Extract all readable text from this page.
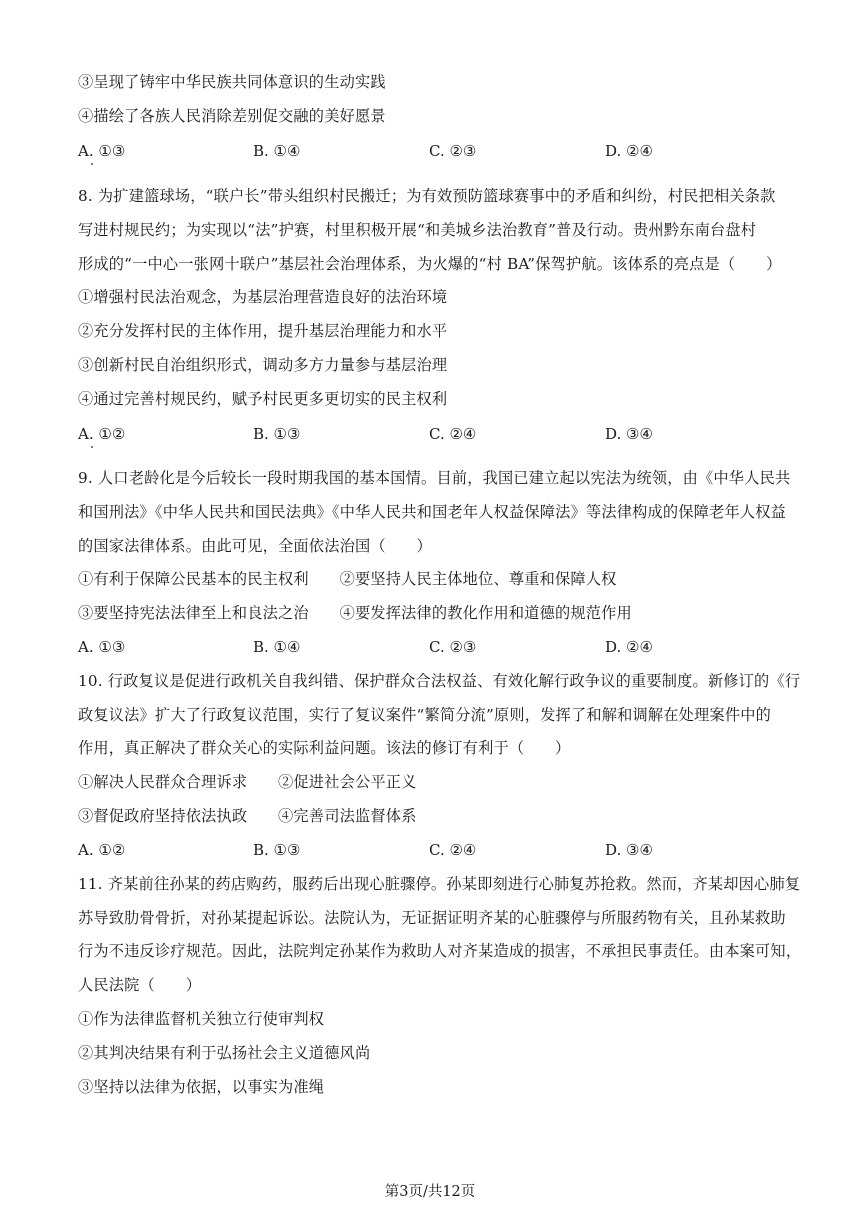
③呈现了铸牢中华民族共同体意识的生动实践
④描绘了各族人民消除差别促交融的美好愿景
A. ①③	B. ①④	C. ②③	D. ②④
8. 为扩建篮球场，“联户长”带头组织村民搬迁；为有效预防篮球赛事中的矛盾和纠纷，村民把相关条款
写进村规民约；为实现以“法”护赛，村里积极开展“和美城乡法治教育”普及行动。贵州黔东南台盘村
形成的“一中心一张网十联户”基层社会治理体系，为火爆的“村 BA”保驾护航。该体系的亮点是（　　）
①增强村民法治观念，为基层治理营造良好的法治环境
②充分发挥村民的主体作用，提升基层治理能力和水平
③创新村民自治组织形式，调动多方力量参与基层治理
④通过完善村规民约，赋予村民更多更切实的民主权利
A. ①②	B. ①③	C. ②④	D. ③④
9. 人口老龄化是今后较长一段时期我国的基本国情。目前，我国已建立起以宪法为统领，由《中华人民共
和国刑法》《中华人民共和国民法典》《中华人民共和国老年人权益保障法》等法律构成的保障老年人权益
的国家法律体系。由此可见，全面依法治国（　　）
①有利于保障公民基本的民主权利　　②要坚持人民主体地位、尊重和保障人权
③要坚持宪法法律至上和良法之治　　④要发挥法律的教化作用和道德的规范作用
A. ①③	B. ①④	C. ②③	D. ②④
10. 行政复议是促进行政机关自我纠错、保护群众合法权益、有效化解行政争议的重要制度。新修订的《行
政复议法》扩大了行政复议范围，实行了复议案件“繁简分流”原则，发挥了和解和调解在处理案件中的
作用，真正解决了群众关心的实际利益问题。该法的修订有利于（　　）
①解决人民群众合理诉求　　②促进社会公平正义
③督促政府坚持依法执政　　④完善司法监督体系
A. ①②	B. ①③	C. ②④	D. ③④
11. 齐某前往孙某的药店购药，服药后出现心脏骤停。孙某即刻进行心肺复苏抢救。然而，齐某却因心肺复
苏导致肋骨骨折，对孙某提起诉讼。法院认为，无证据证明齐某的心脏骤停与所服药物有关，且孙某救助
行为不违反诊疗规范。因此，法院判定孙某作为救助人对齐某造成的损害，不承担民事责任。由本案可知，
人民法院（　　）
①作为法律监督机关独立行使审判权
②其判决结果有利于弘扬社会主义道德风尚
③坚持以法律为依据，以事实为准绳
第3页/共12页
